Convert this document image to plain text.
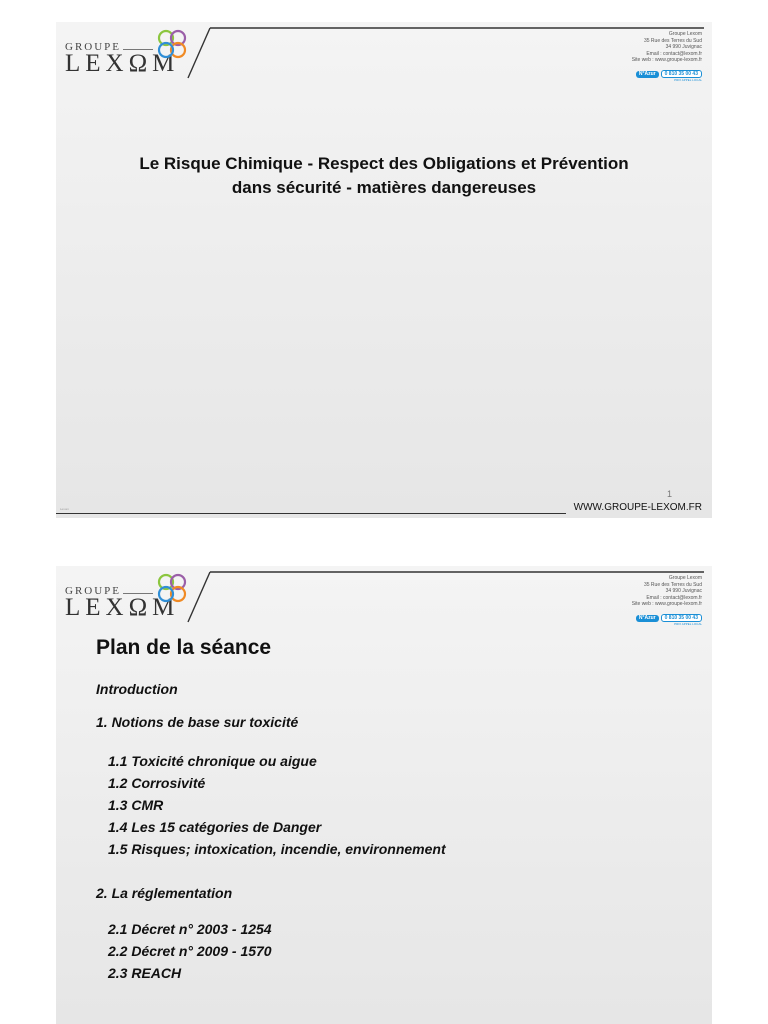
GROUPE
LEXΩM
Groupe Lexom
35 Rue des Terres du Sud
34 990 Juvignac
Email : contact@lexom.fr
Site web : www.groupe-lexom.fr
N°Azur	0 810 35 00 43
PRIX APPEL LOCAL
Le Risque Chimique - Respect des Obligations et Prévention
dans sécurité - matières dangereuses
1
Lexom	WWW.GROUPE-LEXOM.FR
GROUPE
LEXΩM
Groupe Lexom
35 Rue des Terres du Sud
34 990 Juvignac
Email : contact@lexom.fr
Site web : www.groupe-lexom.fr
N°Azur	0 810 35 00 43
PRIX APPEL LOCAL
Plan de la séance
Introduction
1. Notions de base sur toxicité
1.1 Toxicité chronique ou aigue
1.2 Corrosivité
1.3 CMR
1.4 Les 15 catégories de Danger
1.5 Risques; intoxication, incendie, environnement
2. La réglementation
2.1 Décret n° 2003 - 1254
2.2 Décret n° 2009 - 1570
2.3 REACH
